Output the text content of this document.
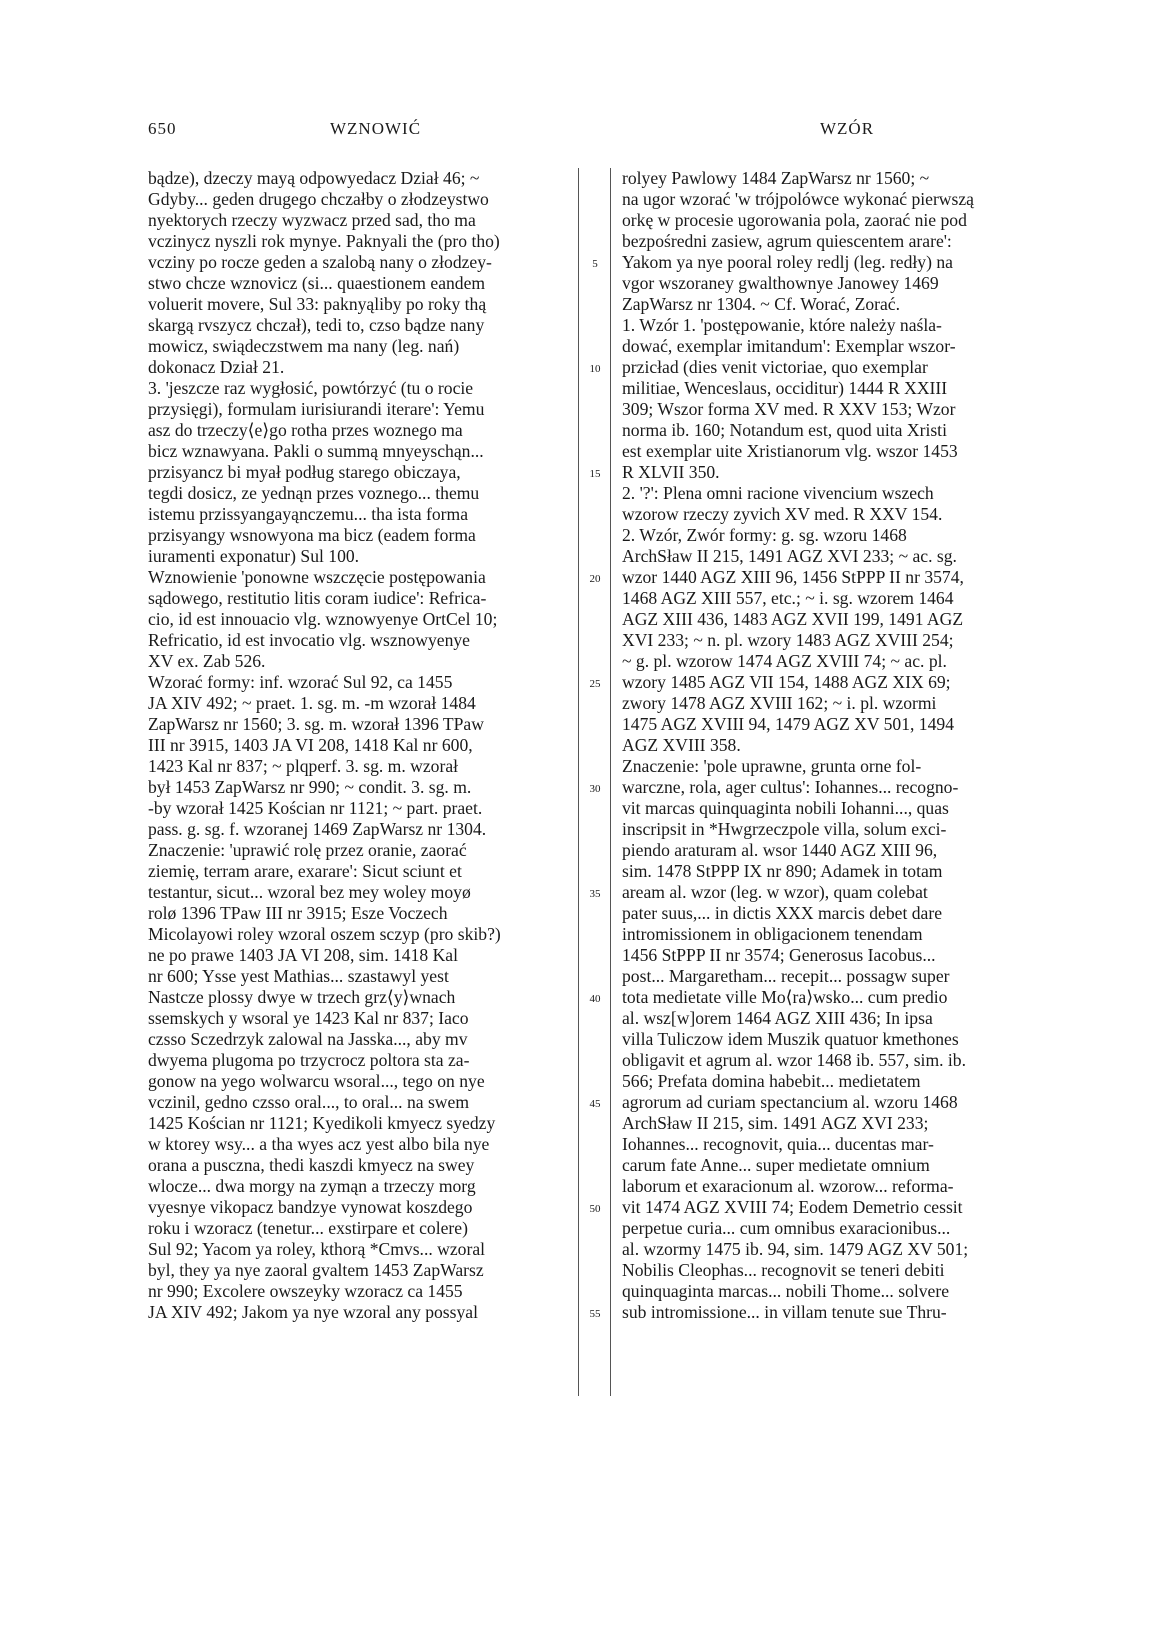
650	WZNOWIĆ	WZÓR
bądze), dzeczy mayą odpowyedacz Dział 46; ~
Gdyby... geden drugego chczałby o złodzeystwo
nyektorych rzeczy wyzwacz przed sad, tho ma
vczinycz nyszli rok mynye. Paknyali the (pro tho)
vcziny po rocze geden a szalobą nany o złodzey-
stwo chcze wznovicz (si... quaestionem eandem
voluerit movere, Sul 33: paknyąliby po roky thą
skargą rvszycz chczał), tedi to, czso bądze nany
mowicz, swiądeczstwem ma nany (leg. nań)
dokonacz Dział 21.
3. 'jeszcze raz wygłosić, powtórzyć (tu o rocie
przysięgi), formulam iurisiurandi iterare': Yemu
asz do trzeczy⟨e⟩go rotha przes woznego ma
bicz wznawyana. Pakli o summą mnyeyschąn...
przisyancz bi myał podług starego obiczaya,
tegdi dosicz, ze yednąn przes voznego... themu
istemu przissyangayąnczemu... tha ista forma
przisyangy wsnowyona ma bicz (eadem forma
iuramenti exponatur) Sul 100.
Wznowienie 'ponowne wszczęcie postępowania
sądowego, restitutio litis coram iudice': Refrica-
cio, id est innouacio vlg. wznowyenye OrtCel 10;
Refricatio, id est invocatio vlg. wsznowyenye
XV ex. Zab 526.
Wzorać formy: inf. wzorać Sul 92, ca 1455
JA XIV 492; ~ praet. 1. sg. m. -m wzorał 1484
ZapWarsz nr 1560; 3. sg. m. wzorał 1396 TPaw
III nr 3915, 1403 JA VI 208, 1418 Kal nr 600,
1423 Kal nr 837; ~ plqperf. 3. sg. m. wzorał
był 1453 ZapWarsz nr 990; ~ condit. 3. sg. m.
-by wzorał 1425 Kościan nr 1121; ~ part. praet.
pass. g. sg. f. wzoranej 1469 ZapWarsz nr 1304.
Znaczenie: 'uprawić rolę przez oranie, zaorać
ziemię, terram arare, exarare': Sicut sciunt et
testantur, sicut... wzoral bez mey woley moyø
rolø 1396 TPaw III nr 3915; Esze Voczech
Micolayowi roley wzoral oszem sczyp (pro skib?)
ne po prawe 1403 JA VI 208, sim. 1418 Kal
nr 600; Ysse yest Mathias... szastawyl yest
Nastcze plossy dwye w trzech grz⟨y⟩wnach
ssemskych y wsoral ye 1423 Kal nr 837; Iaco
czsso Sczedrzyk zalowal na Jasska..., aby mv
dwyema plugoma po trzycrocz poltora sta za-
gonow na yego wolwarcu wsoral..., tego on nye
vczinil, gedno czsso oral..., to oral... na swem
1425 Kościan nr 1121; Kyedikoli kmyecz syedzy
w ktorey wsy... a tha wyes acz yest albo bila nye
orana a pusczna, thedi kaszdi kmyecz na swey
wlocze... dwa morgy na zymąn a trzeczy morg
vyesnye vikopacz bandzye vynowat koszdego
roku i wzoracz (tenetur... exstirpare et colere)
Sul 92; Yacom ya roley, kthorą *Cmvs... wzoral
byl, they ya nye zaoral gvaltem 1453 ZapWarsz
nr 990; Excolere owszeyky wzoracz ca 1455
JA XIV 492; Jakom ya nye wzoral any possyal
5
10
15
20
25
30
35
40
45
50
55
rolyey Pawlowy 1484 ZapWarsz nr 1560; ~
na ugor wzorać 'w trójpolówce wykonać pierwszą
orkę w procesie ugorowania pola, zaorać nie pod
bezpośredni zasiew, agrum quiescentem arare':
Yakom ya nye pooral roley redlj (leg. redły) na
vgor wszoraney gwalthownye Janowey 1469
ZapWarsz nr 1304. ~ Cf. Worać, Zorać.
1. Wzór 1. 'postępowanie, które należy naśla-
dować, exemplar imitandum': Exemplar wszor-
przicład (dies venit victoriae, quo exemplar
militiae, Wenceslaus, occiditur) 1444 R XXIII
309; Wszor forma XV med. R XXV 153; Wzor
norma ib. 160; Notandum est, quod uita Xristi
est exemplar uite Xristianorum vlg. wszor 1453
R XLVII 350.
2. '?': Plena omni racione vivencium wszech
wzorow rzeczy zyvich XV med. R XXV 154.
2. Wzór, Zwór formy: g. sg. wzoru 1468
ArchSław II 215, 1491 AGZ XVI 233; ~ ac. sg.
wzor 1440 AGZ XIII 96, 1456 StPPP II nr 3574,
1468 AGZ XIII 557, etc.; ~ i. sg. wzorem 1464
AGZ XIII 436, 1483 AGZ XVII 199, 1491 AGZ
XVI 233; ~ n. pl. wzory 1483 AGZ XVIII 254;
~ g. pl. wzorow 1474 AGZ XVIII 74; ~ ac. pl.
wzory 1485 AGZ VII 154, 1488 AGZ XIX 69;
zwory 1478 AGZ XVIII 162; ~ i. pl. wzormi
1475 AGZ XVIII 94, 1479 AGZ XV 501, 1494
AGZ XVIII 358.
Znaczenie: 'pole uprawne, grunta orne fol-
warczne, rola, ager cultus': Iohannes... recogno-
vit marcas quinquaginta nobili Iohanni..., quas
inscripsit in *Hwgrzeczpole villa, solum exci-
piendo araturam al. wsor 1440 AGZ XIII 96,
sim. 1478 StPPP IX nr 890; Adamek in totam
aream al. wzor (leg. w wzor), quam colebat
pater suus,... in dictis XXX marcis debet dare
intromissionem in obligacionem tenendam
1456 StPPP II nr 3574; Generosus Iacobus...
post... Margaretham... recepit... possagw super
tota medietate ville Mo⟨ra⟩wsko... cum predio
al. wsz[w]orem 1464 AGZ XIII 436; In ipsa
villa Tuliczow idem Muszik quatuor kmethones
obligavit et agrum al. wzor 1468 ib. 557, sim. ib.
566; Prefata domina habebit... medietatem
agrorum ad curiam spectancium al. wzoru 1468
ArchSław II 215, sim. 1491 AGZ XVI 233;
Iohannes... recognovit, quia... ducentas mar-
carum fate Anne... super medietate omnium
laborum et exaracionum al. wzorow... reforma-
vit 1474 AGZ XVIII 74; Eodem Demetrio cessit
perpetue curia... cum omnibus exaracionibus...
al. wzormy 1475 ib. 94, sim. 1479 AGZ XV 501;
Nobilis Cleophas... recognovit se teneri debiti
quinquaginta marcas... nobili Thome... solvere
sub intromissione... in villam tenute sue Thru-
